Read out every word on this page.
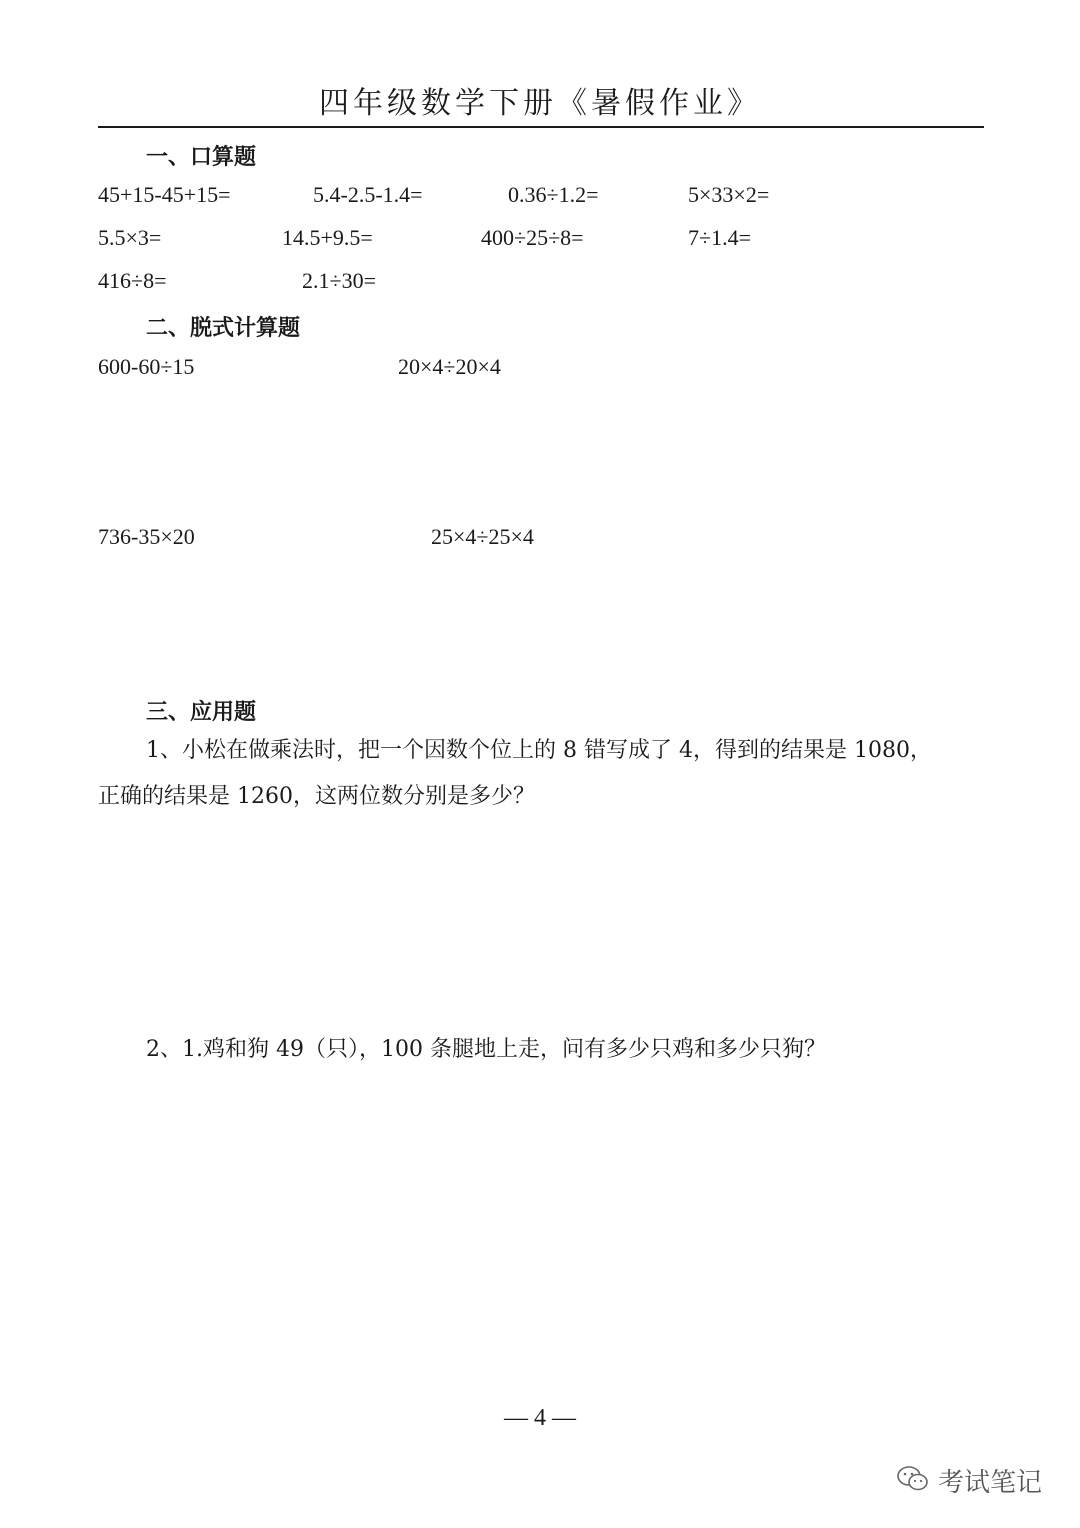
四年级数学下册《暑假作业》
一、口算题
45+15-45+15=	5.4-2.5-1.4=	0.36÷1.2=	5×33×2=
5.5×3=	14.5+9.5=	400÷25÷8=	7÷1.4=
416÷8=	2.1÷30=
二、脱式计算题
600-60÷15	20×4÷20×4
736-35×20	25×4÷25×4
三、应用题
1、小松在做乘法时，把一个因数个位上的 8 错写成了 4，得到的结果是 1080，
正确的结果是 1260，这两位数分别是多少？
2、1.鸡和狗 49（只），100 条腿地上走，问有多少只鸡和多少只狗？
— 4 —
考试笔记
